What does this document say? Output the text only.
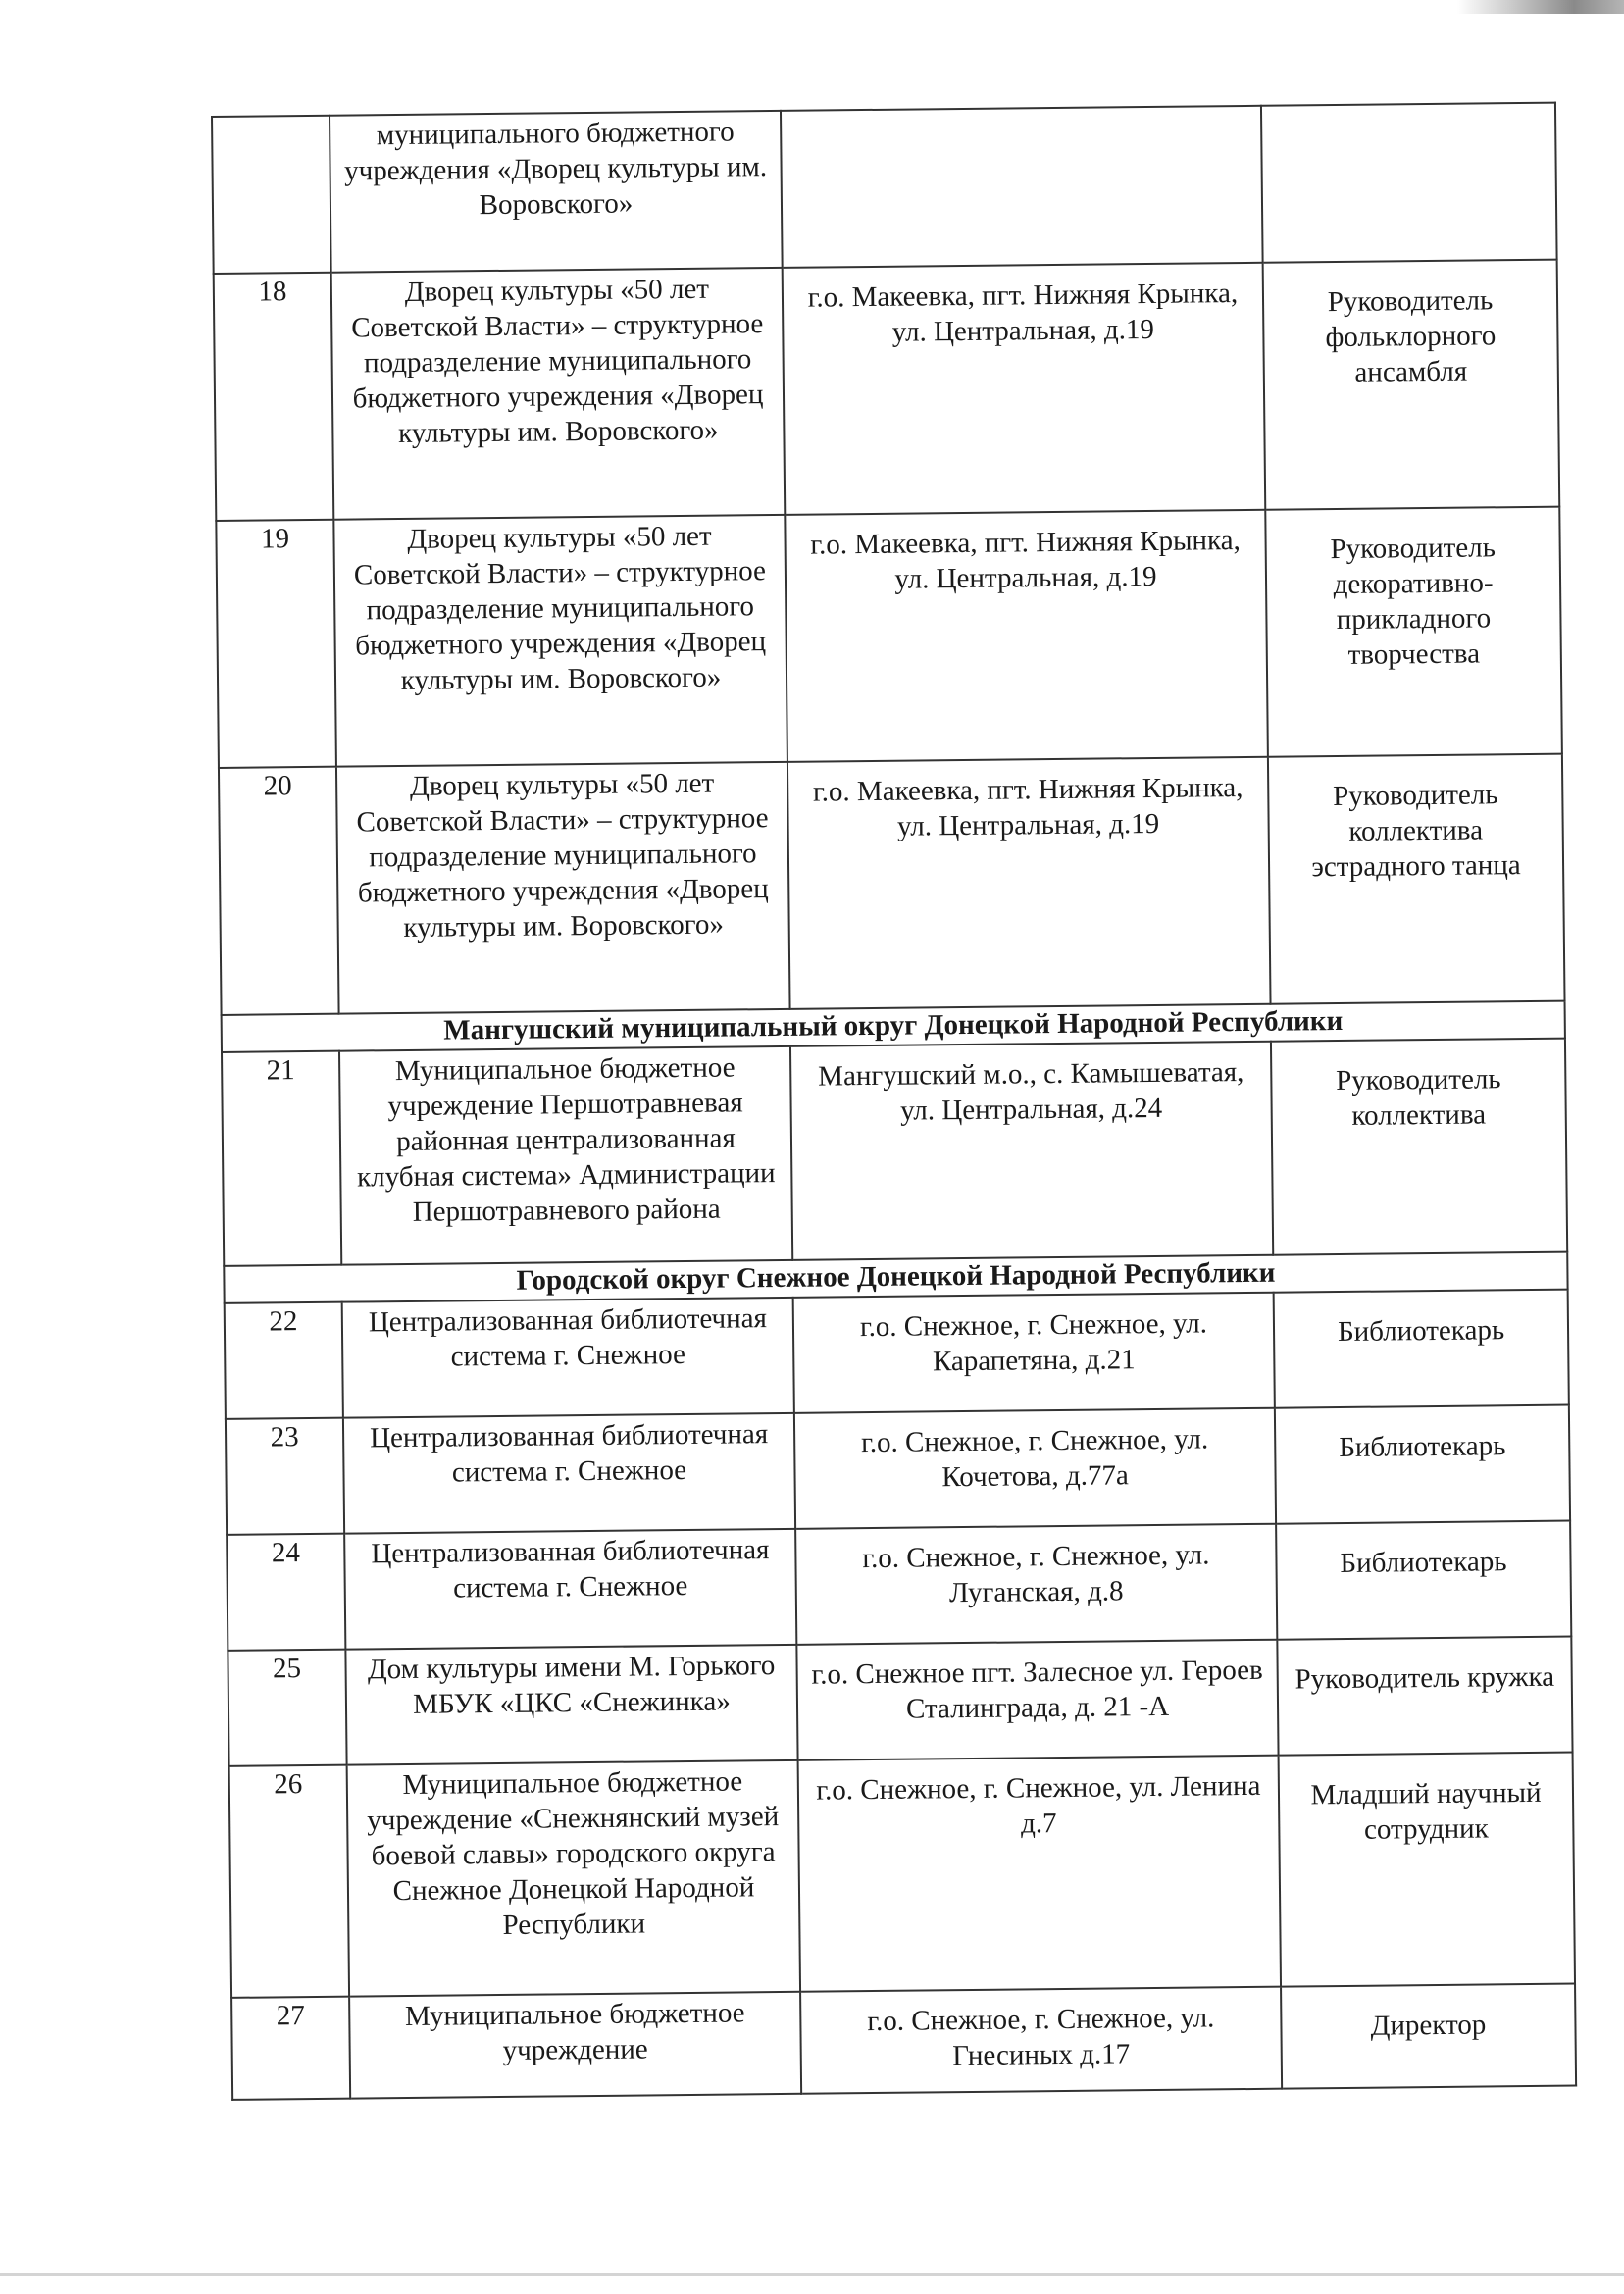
	муниципального бюджетного учреждения «Дворец культуры им. Воровского»		
18	Дворец культуры «50 лет Советской Власти» – структурное подразделение муниципального бюджетного учреждения «Дворец культуры им. Воровского»	г.о. Макеевка, пгт. Нижняя Крынка, ул. Центральная, д.19	Руководитель фольклорного ансамбля
19	Дворец культуры «50 лет Советской Власти» – структурное подразделение муниципального бюджетного учреждения «Дворец культуры им. Воровского»	г.о. Макеевка, пгт. Нижняя Крынка, ул. Центральная, д.19	Руководитель декоративно-прикладного творчества
20	Дворец культуры «50 лет Советской Власти» – структурное подразделение муниципального бюджетного учреждения «Дворец культуры им. Воровского»	г.о. Макеевка, пгт. Нижняя Крынка, ул. Центральная, д.19	Руководитель коллектива эстрадного танца
Мангушский муниципальный округ Донецкой Народной Республики			
21	Муниципальное бюджетное учреждение Першотравневая районная централизованная клубная система» Администрации Першотравневого района	Мангушский м.о., с. Камышеватая, ул. Центральная, д.24	Руководитель коллектива
Городской округ Снежное Донецкой Народной Республики			
22	Централизованная библиотечная система г. Снежное	г.о. Снежное, г. Снежное, ул. Карапетяна, д.21	Библиотекарь
23	Централизованная библиотечная система г. Снежное	г.о. Снежное, г. Снежное, ул. Кочетова, д.77а	Библиотекарь
24	Централизованная библиотечная система г. Снежное	г.о. Снежное, г. Снежное, ул. Луганская, д.8	Библиотекарь
25	Дом культуры имени М. Горького МБУК «ЦКС «Снежинка»	г.о. Снежное пгт. Залесное ул. Героев Сталинграда, д. 21 -А	Руководитель кружка
26	Муниципальное бюджетное учреждение «Снежнянский музей боевой славы» городского округа Снежное Донецкой Народной Республики	г.о. Снежное, г. Снежное, ул. Ленина д.7	Младший научный сотрудник
27	Муниципальное бюджетное учреждение	г.о. Снежное, г. Снежное, ул. Гнесиных д.17	Директор
